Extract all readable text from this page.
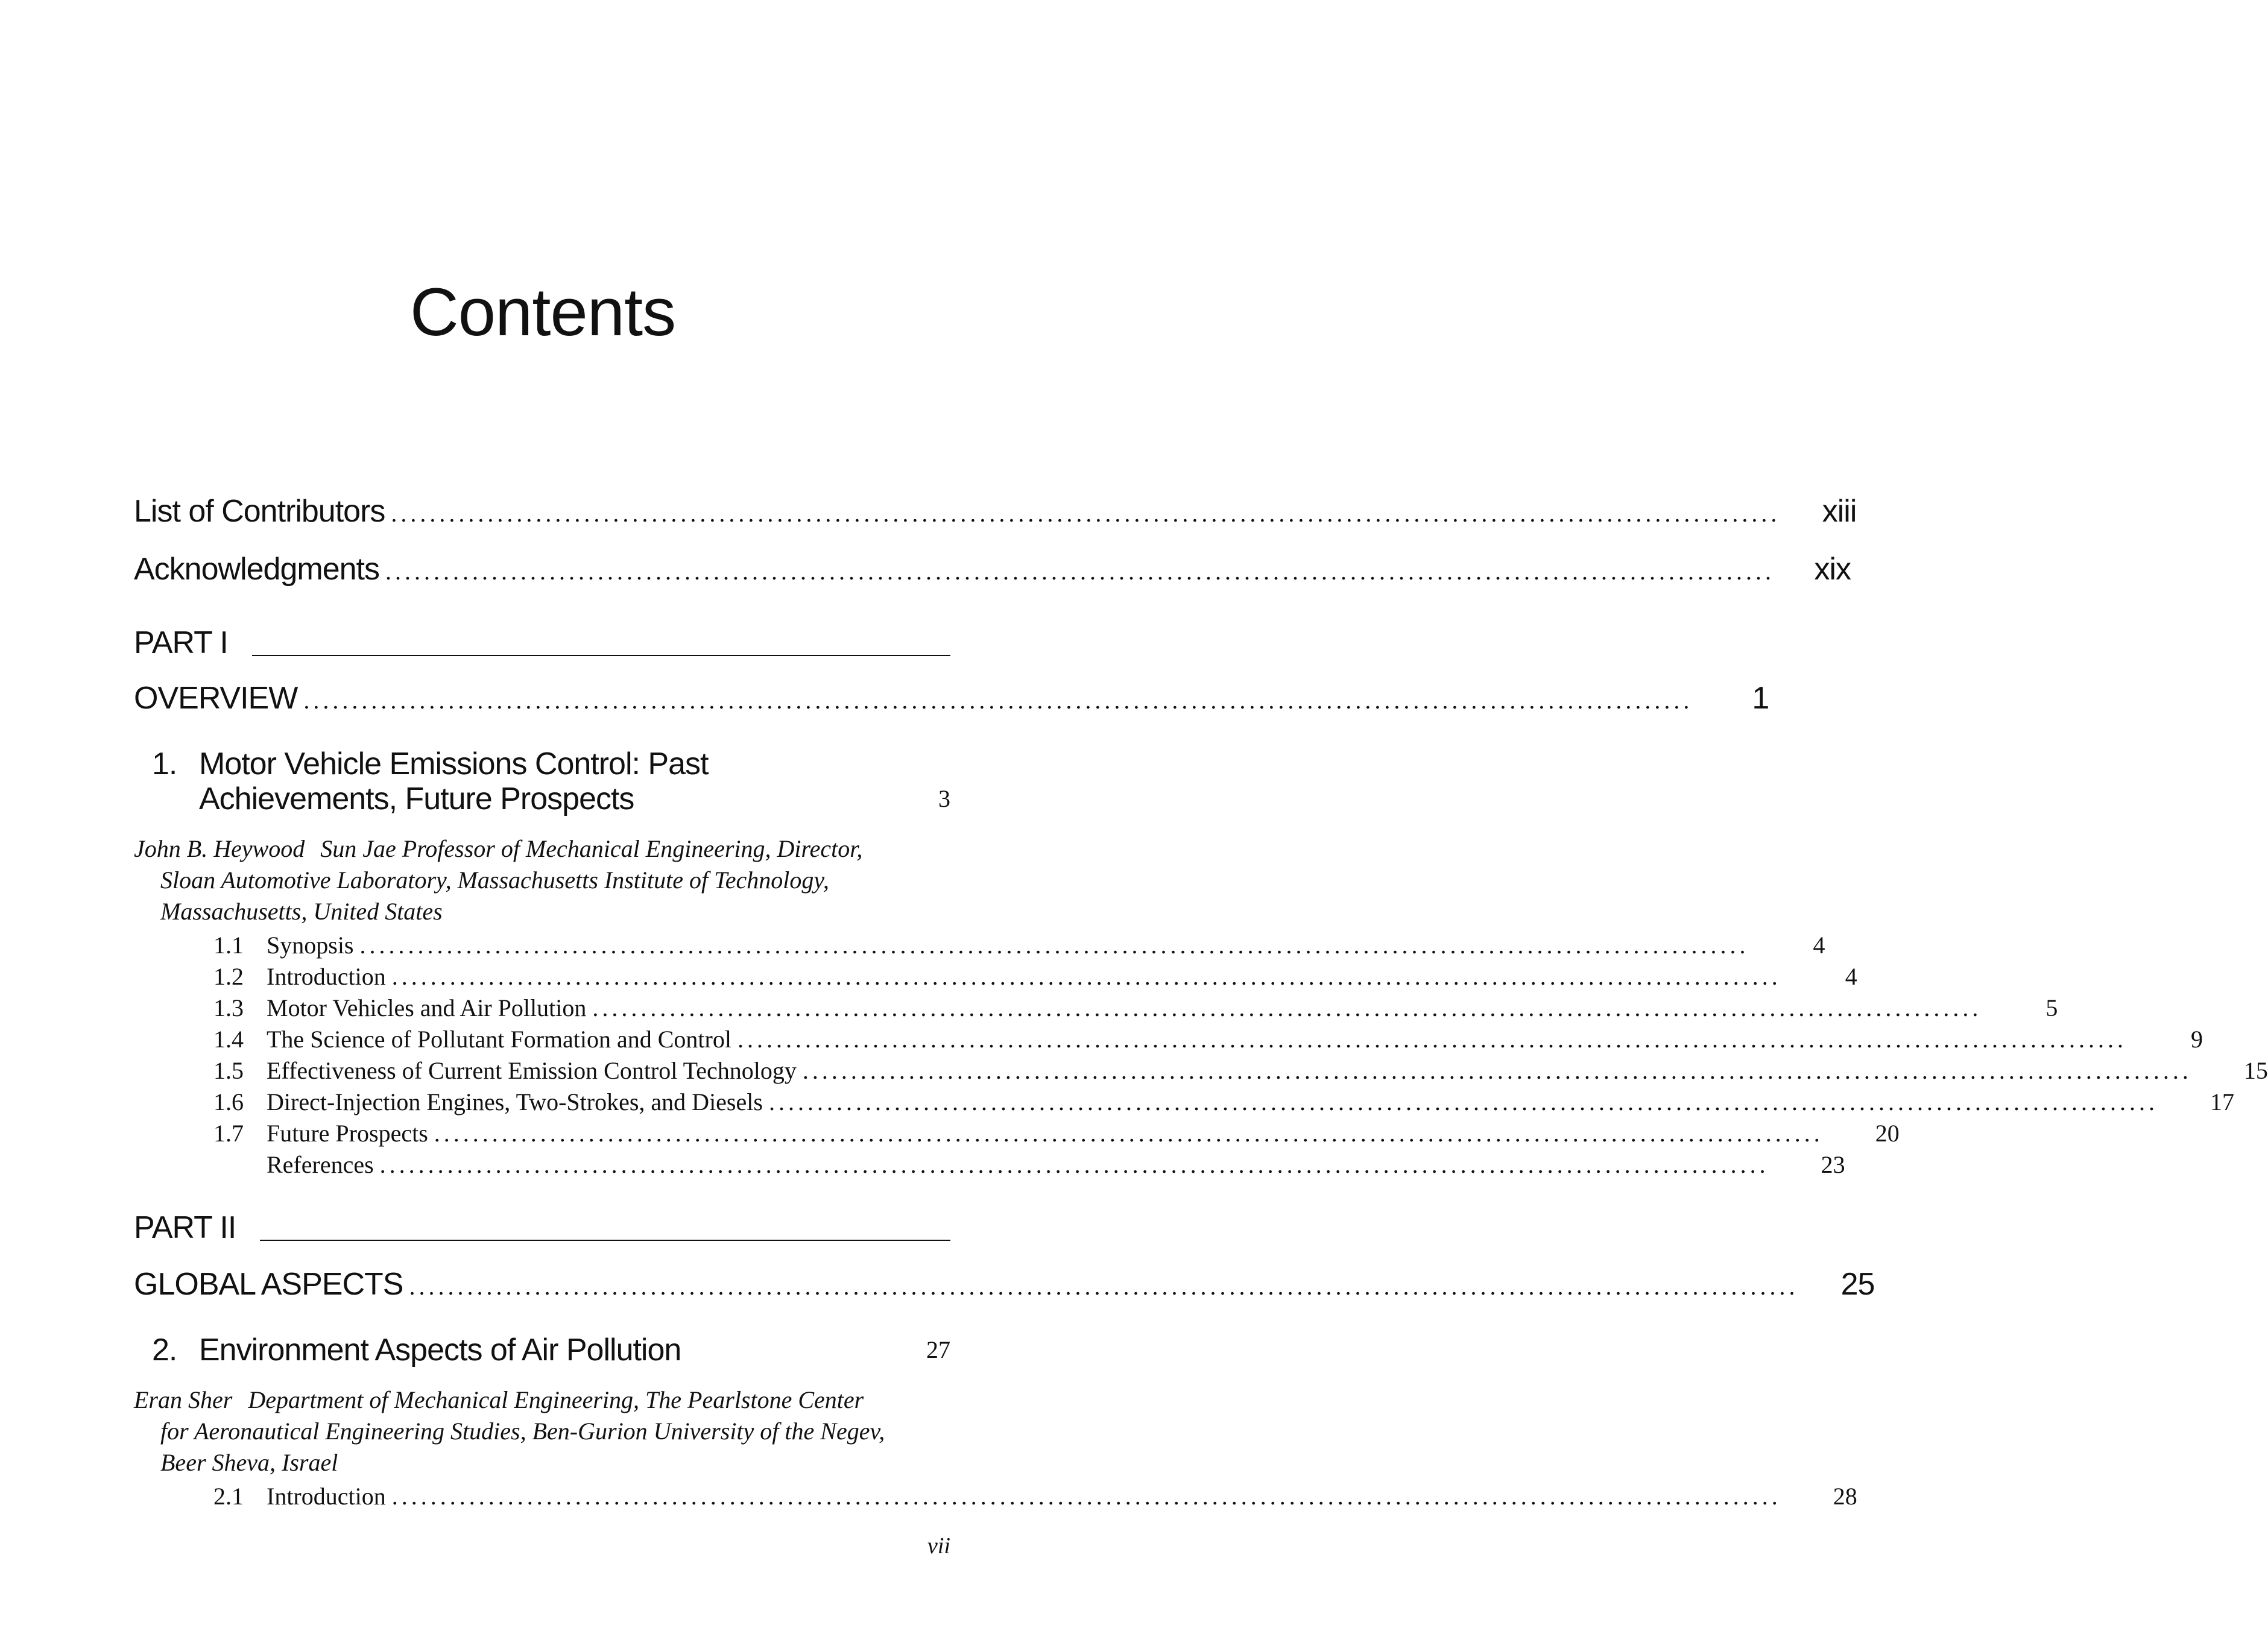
Contents
List of Contributors ................................................................................................................................................	xiii
Acknowledgments ................................................................................................................................................	xix
PART I
OVERVIEW ................................................................................................................................................	1
1. Motor Vehicle Emissions Control: Past
Achievements, Future Prospects	3
John B. Heywood Sun Jae Professor of Mechanical Engineering, Director, Sloan Automotive Laboratory, Massachusetts Institute of Technology, Massachusetts, United States
1.1 Synopsis ................................................................................................................................................	4
1.2 Introduction ................................................................................................................................................	4
1.3 Motor Vehicles and Air Pollution ................................................................................................................................................	5
1.4 The Science of Pollutant Formation and Control ................................................................................................................................................	9
1.5 Effectiveness of Current Emission Control Technology ................................................................................................................................................	15
1.6 Direct-Injection Engines, Two-Strokes, and Diesels ................................................................................................................................................	17
1.7 Future Prospects ................................................................................................................................................	20
References ................................................................................................................................................	23
PART II
GLOBAL ASPECTS ................................................................................................................................................	25
2. Environment Aspects of Air Pollution	27
Eran Sher Department of Mechanical Engineering, The Pearlstone Center for Aeronautical Engineering Studies, Ben-Gurion University of the Negev, Beer Sheva, Israel
2.1 Introduction ................................................................................................................................................	28
vii
